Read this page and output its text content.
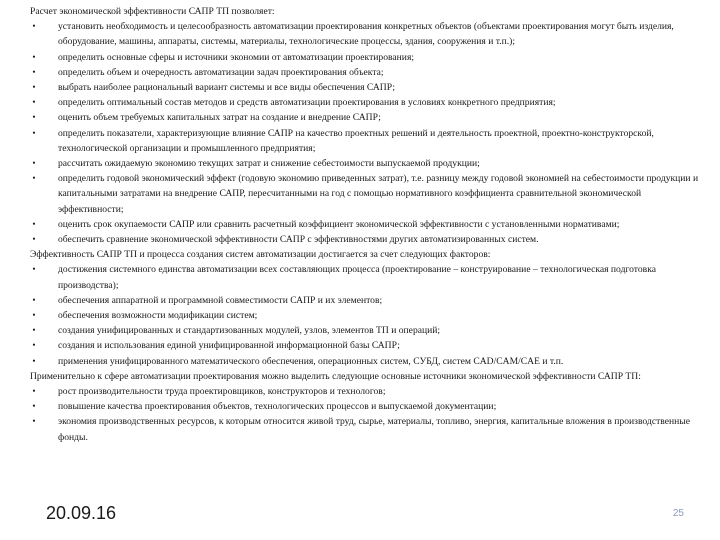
Расчет экономической эффективности САПР ТП позволяет:

• установить необходимость и целесообразность автоматизации проектирования конкретных объектов (объектами проектирования могут быть изделия, оборудование, машины, аппараты, системы, материалы, технологические процессы, здания, сооружения и т.п.);
• определить основные сферы и источники экономии от автоматизации проектирования;
• определить объем и очередность автоматизации задач проектирования объекта;
• выбрать наиболее рациональный вариант системы и все виды обеспечения САПР;
• определить оптимальный состав методов и средств автоматизации проектирования в условиях конкретного предприятия;
• оценить объем требуемых капитальных затрат на создание и внедрение САПР;
• определить показатели, характеризующие влияние САПР на качество проектных решений и деятельность проектной, проектно-конструкторской, технологической организации и промышленного предприятия;
• рассчитать ожидаемую экономию текущих затрат и снижение себестоимости выпускаемой продукции;
• определить годовой экономический эффект (годовую экономию приведенных затрат), т.е. разницу между годовой экономией на себестоимости продукции и капитальными затратами на внедрение САПР, пересчитанными на год с помощью нормативного коэффициента сравнительной экономической эффективности;
• оценить срок окупаемости САПР или сравнить расчетный коэффициент экономической эффективности с установленными нормативами;
• обеспечить сравнение экономической эффективности САПР с эффективностями других автоматизированных систем.

Эффективность САПР ТП и процесса создания систем автоматизации достигается за счет следующих факторов:

• достижения системного единства автоматизации всех составляющих процесса (проектирование – конструирование – технологическая подготовка производства);
• обеспечения аппаратной и программной совместимости САПР и их элементов;
• обеспечения возможности модификации систем;
• создания унифицированных и стандартизованных модулей, узлов, элементов ТП и операций;
• создания и использования единой унифицированной информационной базы САПР;
• применения унифицированного математического обеспечения, операционных систем, СУБД, систем CAD/CAM/CAE и т.п.

Применительно к сфере автоматизации проектирования можно выделить следующие основные источники экономической эффективности САПР ТП:

• рост производительности труда проектировщиков, конструкторов и технологов;
• повышение качества проектирования объектов, технологических процессов и выпускаемой документации;
• экономия производственных ресурсов, к которым относится живой труд, сырье, материалы, топливо, энергия, капитальные вложения в производственные фонды.
20.09.16	25
